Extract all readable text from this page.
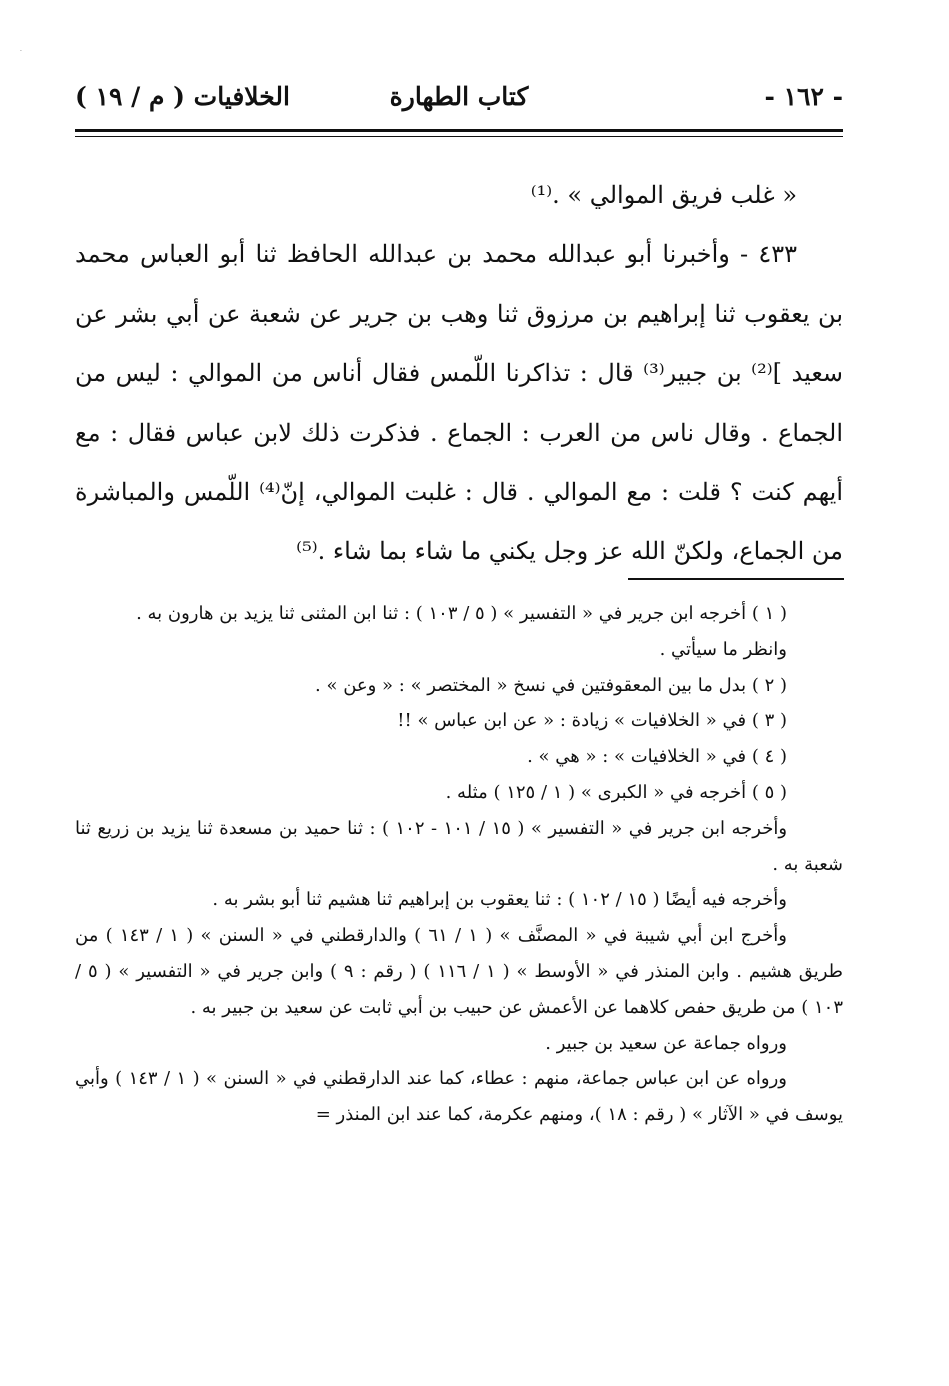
·
- ١٦٢ -
كتاب الطهارة
الخلافيات ( م / ١٩ )

« غلب فريق الموالي » .⁽¹⁾

٤٣٣ - وأخبرنا أبو عبدالله محمد بن عبدالله الحافظ ثنا أبو العباس محمد بن يعقوب ثنا إبراهيم بن مرزوق ثنا وهب بن جرير عن شعبة عن أبي بشر عن سعيد ]⁽²⁾ بن جبير⁽³⁾ قال : تذاكرنا اللّمس فقال أناس من الموالي : ليس من الجماع . وقال ناس من العرب : الجماع . فذكرت ذلك لابن عباس فقال : مع أيهم كنت ؟ قلت : مع الموالي . قال : غلبت الموالي، إنّ⁽⁴⁾ اللّمس والمباشرة من الجماع، ولكنّ الله عز وجل يكني ما شاء بما شاء .⁽⁵⁾

( ١ ) أخرجه ابن جرير في « التفسير » ( ٥ / ١٠٣ ) : ثنا ابن المثنى ثنا يزيد بن هارون به .

وانظر ما سيأتي .

( ٢ ) بدل ما بين المعقوفتين في نسخ « المختصر » : « وعن » .

( ٣ ) في « الخلافيات » زيادة : « عن ابن عباس » !!

( ٤ ) في « الخلافيات » : « هي » .

( ٥ ) أخرجه في « الكبرى » ( ١ / ١٢٥ ) مثله .

وأخرجه ابن جرير في « التفسير » ( ١٥ / ١٠١ - ١٠٢ ) : ثنا حميد بن مسعدة ثنا يزيد بن زريع ثنا شعبة به .

وأخرجه فيه أيضًا ( ١٥ / ١٠٢ ) : ثنا يعقوب بن إبراهيم ثنا هشيم ثنا أبو بشر به .

وأخرج ابن أبي شيبة في « المصنَّف » ( ١ / ٦١ ) والدارقطني في « السنن » ( ١ / ١٤٣ ) من طريق هشيم . وابن المنذر في « الأوسط » ( ١ / ١١٦ ) ( رقم : ٩ ) وابن جرير في « التفسير » ( ٥ / ١٠٣ ) من طريق حفص كلاهما عن الأعمش عن حبيب بن أبي ثابت عن سعيد بن جبير به .

ورواه جماعة عن سعيد بن جبير .

ورواه عن ابن عباس جماعة، منهم : عطاء، كما عند الدارقطني في « السنن » ( ١ / ١٤٣ ) وأبي يوسف في « الآثار » ( رقم : ١٨ )، ومنهم عكرمة، كما عند ابن المنذر =
